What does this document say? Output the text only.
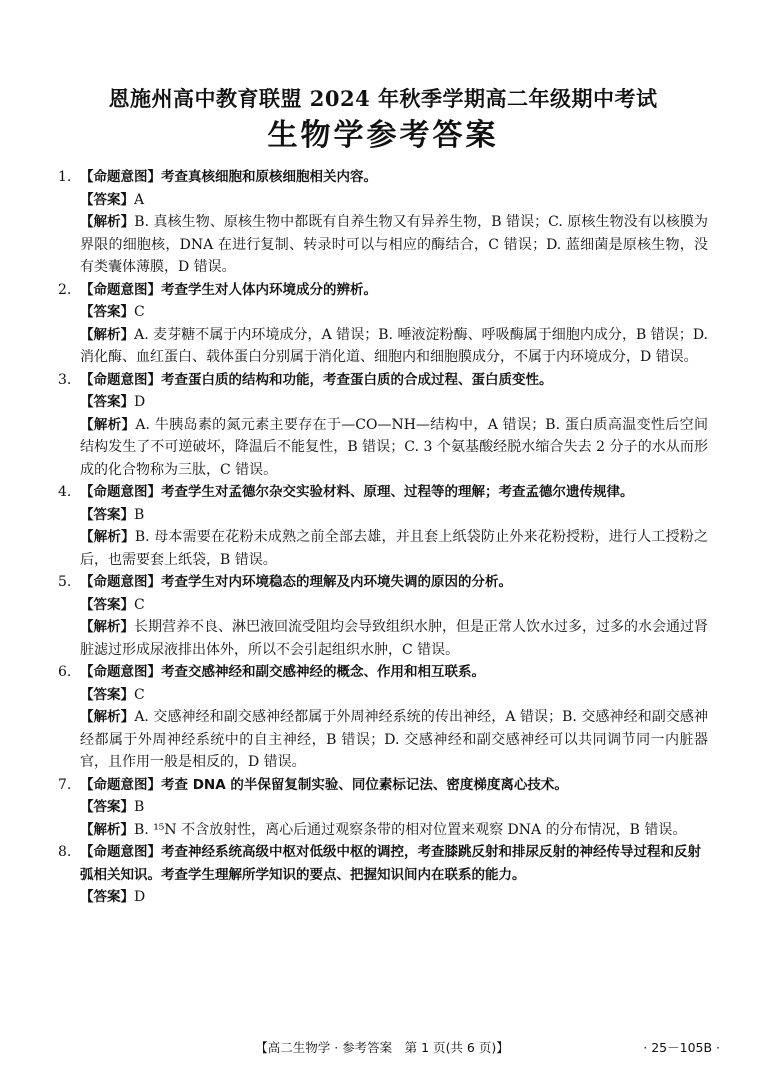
恩施州高中教育联盟 2024 年秋季学期高二年级期中考试
生物学参考答案
1. 【命题意图】考查真核细胞和原核细胞相关内容。
【答案】A
【解析】B. 真核生物、原核生物中都既有自养生物又有异养生物，B 错误；C. 原核生物没有以核膜为界限的细胞核，DNA 在进行复制、转录时可以与相应的酶结合，C 错误；D. 蓝细菌是原核生物，没有类囊体薄膜，D 错误。
2. 【命题意图】考查学生对人体内环境成分的辨析。
【答案】C
【解析】A. 麦芽糖不属于内环境成分，A 错误；B. 唾液淀粉酶、呼吸酶属于细胞内成分，B 错误；D. 消化酶、血红蛋白、载体蛋白分别属于消化道、细胞内和细胞膜成分，不属于内环境成分，D 错误。
3. 【命题意图】考查蛋白质的结构和功能，考查蛋白质的合成过程、蛋白质变性。
【答案】D
【解析】A. 牛胰岛素的氮元素主要存在于—CO—NH—结构中，A 错误；B. 蛋白质高温变性后空间结构发生了不可逆破坏，降温后不能复性，B 错误；C. 3 个氨基酸经脱水缩合失去 2 分子的水从而形成的化合物称为三肽，C 错误。
4. 【命题意图】考查学生对孟德尔杂交实验材料、原理、过程等的理解；考查孟德尔遗传规律。
【答案】B
【解析】B. 母本需要在花粉未成熟之前全部去雄，并且套上纸袋防止外来花粉授粉，进行人工授粉之后，也需要套上纸袋，B 错误。
5. 【命题意图】考查学生对内环境稳态的理解及内环境失调的原因的分析。
【答案】C
【解析】长期营养不良、淋巴液回流受阻均会导致组织水肿，但是正常人饮水过多，过多的水会通过肾脏滤过形成尿液排出体外，所以不会引起组织水肿，C 错误。
6. 【命题意图】考查交感神经和副交感神经的概念、作用和相互联系。
【答案】C
【解析】A. 交感神经和副交感神经都属于外周神经系统的传出神经，A 错误；B. 交感神经和副交感神经都属于外周神经系统中的自主神经，B 错误；D. 交感神经和副交感神经可以共同调节同一内脏器官，且作用一般是相反的，D 错误。
7. 【命题意图】考查 DNA 的半保留复制实验、同位素标记法、密度梯度离心技术。
【答案】B
【解析】B. ¹⁵N 不含放射性，离心后通过观察条带的相对位置来观察 DNA 的分布情况，B 错误。
8. 【命题意图】考查神经系统高级中枢对低级中枢的调控，考查膝跳反射和排尿反射的神经传导过程和反射弧相关知识。考查学生理解所学知识的要点、把握知识间内在联系的能力。
【答案】D
【高二生物学 · 参考答案　第 1 页(共 6 页)】	· 25－105B ·
